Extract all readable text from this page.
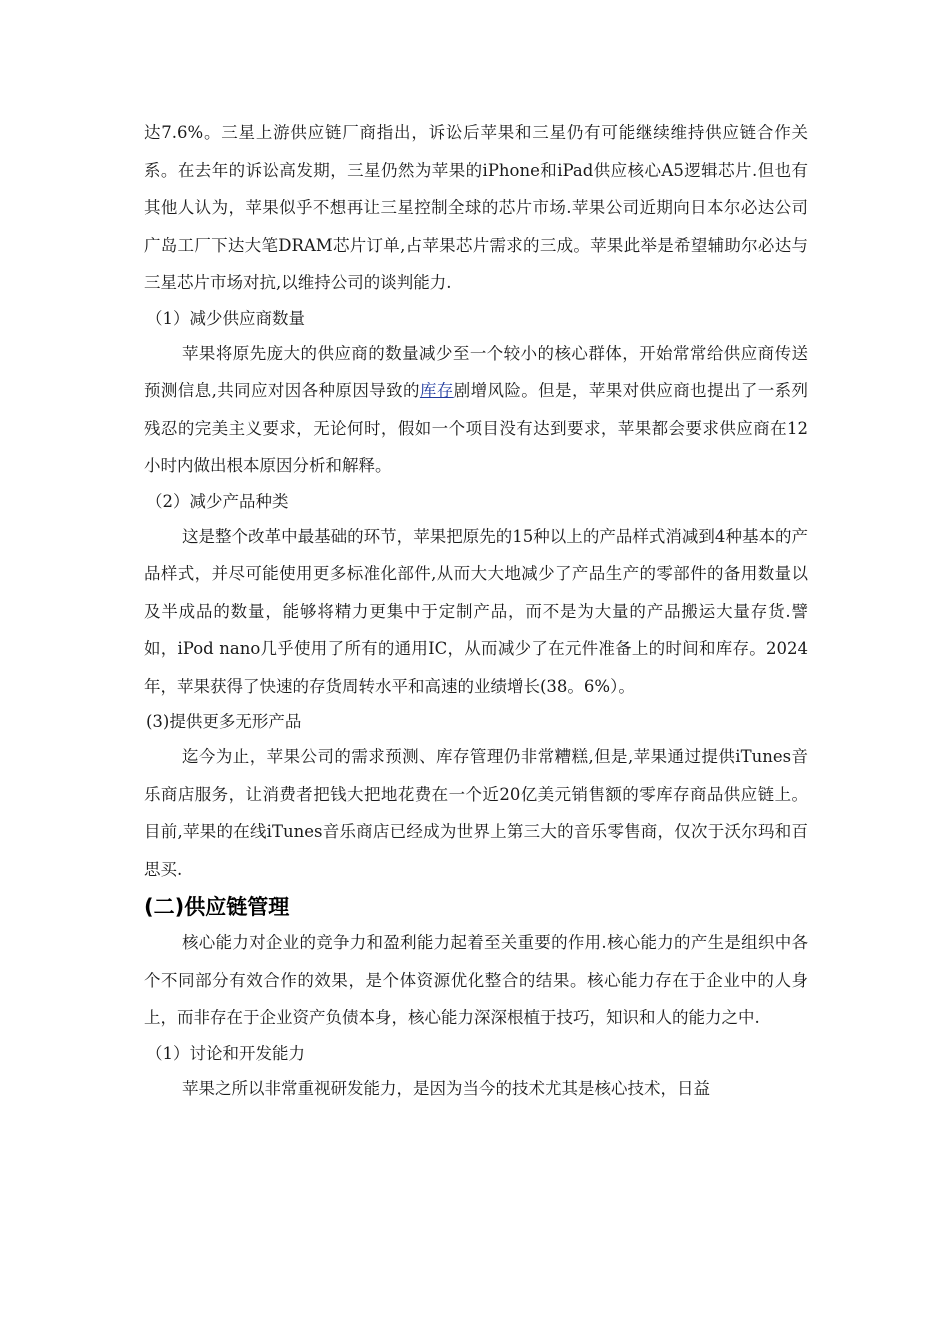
达7.6%。三星上游供应链厂商指出，诉讼后苹果和三星仍有可能继续维持供应链合作关系。在去年的诉讼高发期，三星仍然为苹果的iPhone和iPad供应核心A5逻辑芯片.但也有其他人认为，苹果似乎不想再让三星控制全球的芯片市场.苹果公司近期向日本尔必达公司广岛工厂下达大笔DRAM芯片订单,占苹果芯片需求的三成。苹果此举是希望辅助尔必达与三星芯片市场对抗,以维持公司的谈判能力.

（1）减少供应商数量

苹果将原先庞大的供应商的数量减少至一个较小的核心群体，开始常常给供应商传送预测信息,共同应对因各种原因导致的库存剧增风险。但是，苹果对供应商也提出了一系列残忍的完美主义要求，无论何时，假如一个项目没有达到要求，苹果都会要求供应商在12小时内做出根本原因分析和解释。

（2）减少产品种类

这是整个改革中最基础的环节，苹果把原先的15种以上的产品样式消减到4种基本的产品样式，并尽可能使用更多标准化部件,从而大大地减少了产品生产的零部件的备用数量以及半成品的数量，能够将精力更集中于定制产品，而不是为大量的产品搬运大量存货.譬如，iPod nano几乎使用了所有的通用IC，从而减少了在元件准备上的时间和库存。2024年，苹果获得了快速的存货周转水平和高速的业绩增长(38。6%）。

(3)提供更多无形产品

迄今为止，苹果公司的需求预测、库存管理仍非常糟糕,但是,苹果通过提供iTunes音乐商店服务，让消费者把钱大把地花费在一个近20亿美元销售额的零库存商品供应链上。目前,苹果的在线iTunes音乐商店已经成为世界上第三大的音乐零售商，仅次于沃尔玛和百思买.

(二)供应链管理

核心能力对企业的竞争力和盈利能力起着至关重要的作用.核心能力的产生是组织中各个不同部分有效合作的效果，是个体资源优化整合的结果。核心能力存在于企业中的人身上，而非存在于企业资产负债本身，核心能力深深根植于技巧，知识和人的能力之中.

（1）讨论和开发能力

苹果之所以非常重视研发能力，是因为当今的技术尤其是核心技术，日益
